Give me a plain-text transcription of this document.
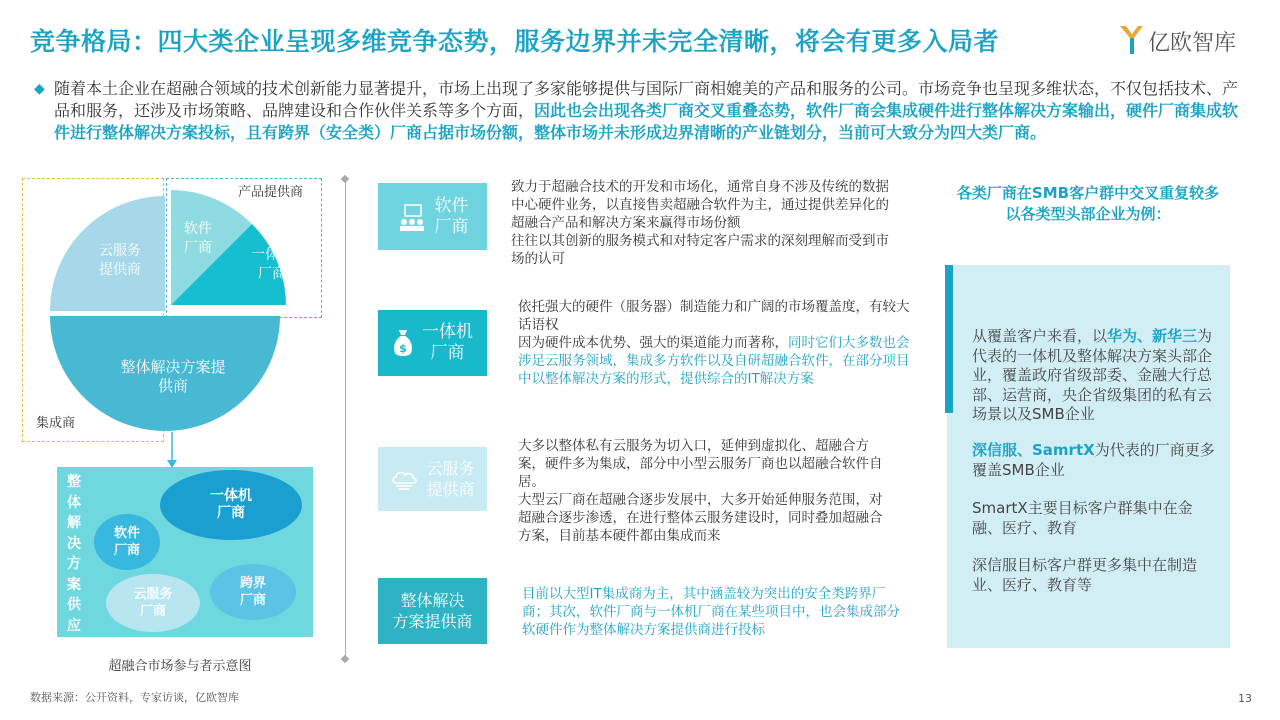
竞争格局：四大类企业呈现多维竞争态势，服务边界并未完全清晰，将会有更多入局者	亿欧智库
◆ 随着本土企业在超融合领域的技术创新能力显著提升，市场上出现了多家能够提供与国际厂商相媲美的产品和服务的公司。市场竞争也呈现多维状态，不仅包括技术、产品和服务，还涉及市场策略、品牌建设和合作伙伴关系等多个方面，因此也会出现各类厂商交叉重叠态势，软件厂商会集成硬件进行整体解决方案输出，硬件厂商集成软件进行整体解决方案投标，且有跨界（安全类）厂商占据市场份额，整体市场并未形成边界清晰的产业链划分，当前可大致分为四大类厂商。
产品提供商
集成商
云服务
提供商
软件
厂商	一体机
厂商
整体解决方案提
供商
整体解决方案供应商
一体机
厂商
软件
厂商
云服务
厂商
跨界
厂商
超融合市场参与者示意图
软件
厂商
致力于超融合技术的开发和市场化，通常自身不涉及传统的数据中心硬件业务，以直接售卖超融合软件为主，通过提供差异化的超融合产品和解决方案来赢得市场份额
往往以其创新的服务模式和对特定客户需求的深刻理解而受到市场的认可
$
一体机
厂商
依托强大的硬件（服务器）制造能力和广阔的市场覆盖度，有较大话语权
因为硬件成本优势、强大的渠道能力而著称，同时它们大多数也会涉足云服务领域，集成多方软件以及自研超融合软件，在部分项目中以整体解决方案的形式，提供综合的IT解决方案
云服务
提供商
大多以整体私有云服务为切入口，延伸到虚拟化、超融合方案，硬件多为集成，部分中小型云服务厂商也以超融合软件自居。
大型云厂商在超融合逐步发展中，大多开始延伸服务范围，对超融合逐步渗透，在进行整体云服务建设时，同时叠加超融合方案，目前基本硬件都由集成而来
整体解决
方案提供商
目前以大型IT集成商为主，其中涵盖较为突出的安全类跨界厂商；其次，软件厂商与一体机厂商在某些项目中，也会集成部分软硬件作为整体解决方案提供商进行投标
各类厂商在SMB客户群中交叉重复较多
以各类型头部企业为例：
从覆盖客户来看，以华为、新华三为代表的一体机及整体解决方案头部企业，覆盖政府省级部委、金融大行总部、运营商，央企省级集团的私有云场景以及SMB企业
深信服、SamrtX为代表的厂商更多覆盖SMB企业
SmartX主要目标客户群集中在金融、医疗、教育
深信服目标客户群更多集中在制造业、医疗、教育等
数据来源：公开资料，专家访谈，亿欧智库	13
